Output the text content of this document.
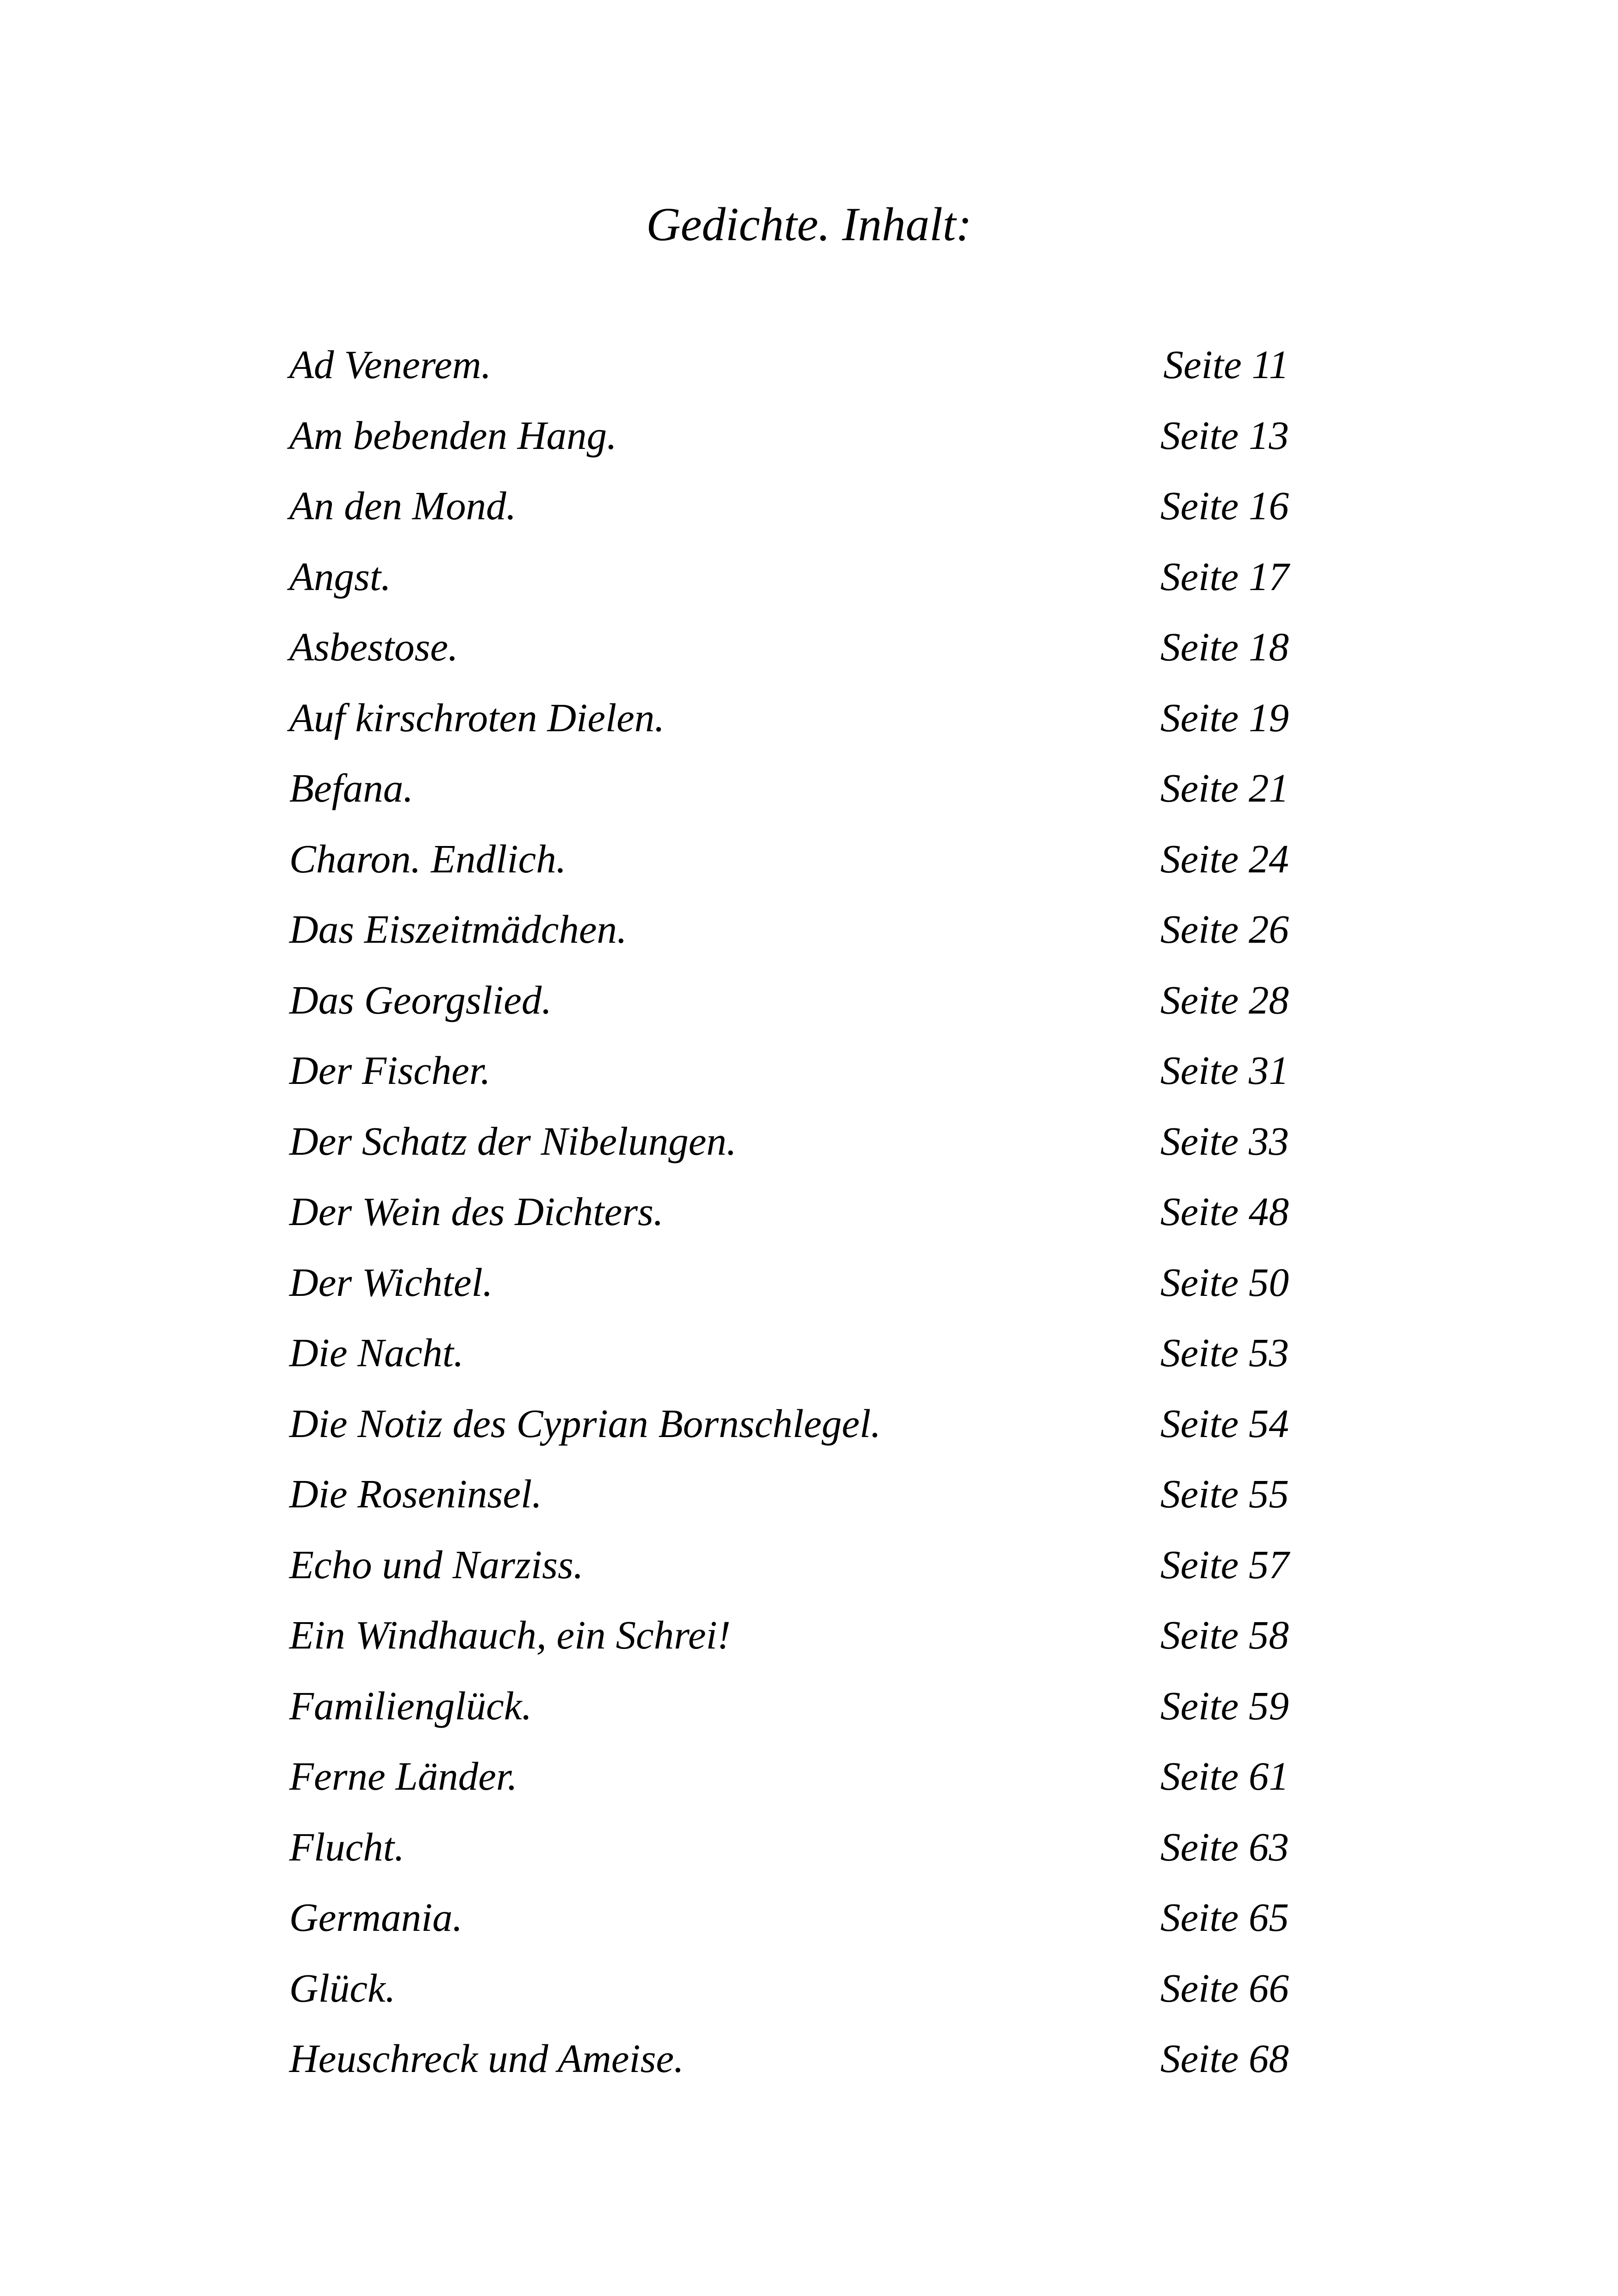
Gedichte. Inhalt:
Ad Venerem.	Seite 11
Am bebenden Hang.	Seite 13
An den Mond.	Seite 16
Angst.	Seite 17
Asbestose.	Seite 18
Auf kirschroten Dielen.	Seite 19
Befana.	Seite 21
Charon. Endlich.	Seite 24
Das Eiszeitmädchen.	Seite 26
Das Georgslied.	Seite 28
Der Fischer.	Seite 31
Der Schatz der Nibelungen.	Seite 33
Der Wein des Dichters.	Seite 48
Der Wichtel.	Seite 50
Die Nacht.	Seite 53
Die Notiz des Cyprian Bornschlegel.	Seite 54
Die Roseninsel.	Seite 55
Echo und Narziss.	Seite 57
Ein Windhauch, ein Schrei!	Seite 58
Familienglück.	Seite 59
Ferne Länder.	Seite 61
Flucht.	Seite 63
Germania.	Seite 65
Glück.	Seite 66
Heuschreck und Ameise.	Seite 68
